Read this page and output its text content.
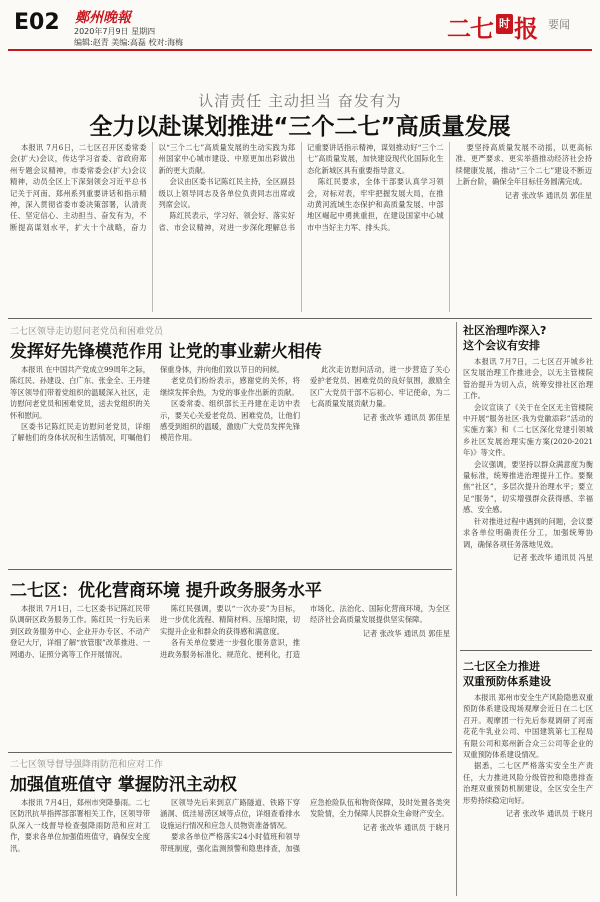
E02 鄭州晚報
2020年7月9日 星期四
编辑:赵青 美编:高磊 校对:海梅	二七 时 报 要闻
认清责任 主动担当 奋发有为
全力以赴谋划推进“三个二七”高质量发展

本报讯 7月6日，二七区召开区委常委会(扩大)会议，传达学习省委、省政府郑州专题会议精神，市委常委会(扩大)会议精神，动员全区上下深刻领会习近平总书记关于河南、郑州系列重要讲话和指示精神，深入贯彻省委市委决策部署，认清责任、坚定信心、主动担当、奋发有为，不断提高谋划水平，扩大十个战略，奋力以“三个二七”高质量发展的生动实践为郑州国家中心城市建设、中原更加出彩做出新的更大贡献。

会议由区委书记陈红民主持，全区副县级以上领导同志及各单位负责同志出席或列席会议。

陈红民表示，学习好、领会好、落实好省、市会议精神，对进一步深化理解总书记重要讲话指示精神，谋划推动好“三个二七”高质量发展，加快建设现代化国际化生态化新城区具有重要指导意义。

陈红民要求，全体干部要认真学习领会，对标对表，牢牢把握发展大局，在推动黄河流域生态保护和高质量发展、中部地区崛起中勇挑重担，在建设国家中心城市中当好主力军、排头兵。

要坚持高质量发展不动摇，以更高标准、更严要求、更实举措推动经济社会持续健康发展，推动“三个二七”建设不断迈上新台阶，确保全年目标任务圆满完成。

记者 张改华 通讯员 郭佳星
二七区领导走访慰问老党员和困难党员
发挥好先锋模范作用 让党的事业薪火相传

本报讯 在中国共产党成立99周年之际，陈红民、孙建设、白广东、张金全、王丹建等区领导们带着党组织的温暖深入社区，走访慰问老党员和困难党员，送去党组织的关怀和慰问。

区委书记陈红民走访慰问老党员，详细了解他们的身体状况和生活情况，叮嘱他们保重身体，并向他们致以节日的问候。

老党员们纷纷表示，感谢党的关怀，将继续发挥余热，为党的事业作出新的贡献。

区委常委、组织部长王丹建在走访中表示，要关心关爱老党员、困难党员，让他们感受到组织的温暖，激励广大党员发挥先锋模范作用。

此次走访慰问活动，进一步营造了关心爱护老党员、困难党员的良好氛围，激励全区广大党员干部不忘初心、牢记使命，为二七高质量发展贡献力量。

记者 张改华 通讯员 郭佳星
二七区：优化营商环境 提升政务服务水平

本报讯 7月1日，二七区委书记陈红民带队调研区政务服务工作。陈红民一行先后来到区政务服务中心、企业开办专区、不动产登记大厅，详细了解“放管服”改革推进、一网通办、证照分离等工作开展情况。

陈红民强调，要以“一次办妥”为目标，进一步优化流程、精简材料、压缩时限，切实提升企业和群众的获得感和满意度。

各有关单位要进一步强化服务意识，推进政务服务标准化、规范化、便利化，打造市场化、法治化、国际化营商环境，为全区经济社会高质量发展提供坚实保障。

记者 张改华 通讯员 郭佳星
二七区领导督导强降雨防范和应对工作
加强值班值守 掌握防汛主动权

本报讯 7月4日，郑州市突降暴雨。二七区防汛抗旱指挥部部署相关工作，区领导带队深入一线督导检查强降雨防范和应对工作，要求各单位加强值班值守，确保安全度汛。

区领导先后来到京广路隧道、铁路下穿涵洞、低洼易涝区域等点位，详细查看排水设施运行情况和应急人员物资准备情况。

要求各单位严格落实24小时值班和领导带班制度，强化监测预警和隐患排查，加强应急抢险队伍和物资保障，及时处置各类突发险情，全力保障人民群众生命财产安全。

记者 张改华 通讯员 于晓月
社区治理咋深入?
这个会议有安排

本报讯 7月7日，二七区召开城乡社区发展治理工作推进会，以无主管楼院管治提升为切入点，统筹安排社区治理工作。

会议宣读了《关于在全区无主管楼院中开展“服务社区·我为党徽添彩”活动的实施方案》和《二七区深化党建引领城乡社区发展治理实施方案(2020-2021年)》等文件。

会议强调，要坚持以群众满意度为衡量标准，统筹推进治理提升工作。要聚焦“社区”，多层次提升治理水平；要立足“服务”，切实增强群众获得感、幸福感、安全感。

针对推进过程中遇到的问题，会议要求各单位明确责任分工，加强统筹协调，确保各项任务落地见效。

记者 张改华 通讯员 冯星
二七区全力推进
双重预防体系建设

本报讯 郑州市安全生产风险隐患双重预防体系建设现场观摩会近日在二七区召开。观摩团一行先后参观调研了河南花花牛乳业公司、中国建筑第七工程局有限公司和郑州新合众三公司等企业的双重预防体系建设情况。

据悉，二七区严格落实安全生产责任，大力推进风险分级管控和隐患排查治理双重预防机制建设，全区安全生产形势持续稳定向好。

记者 张改华 通讯员 于晓月
